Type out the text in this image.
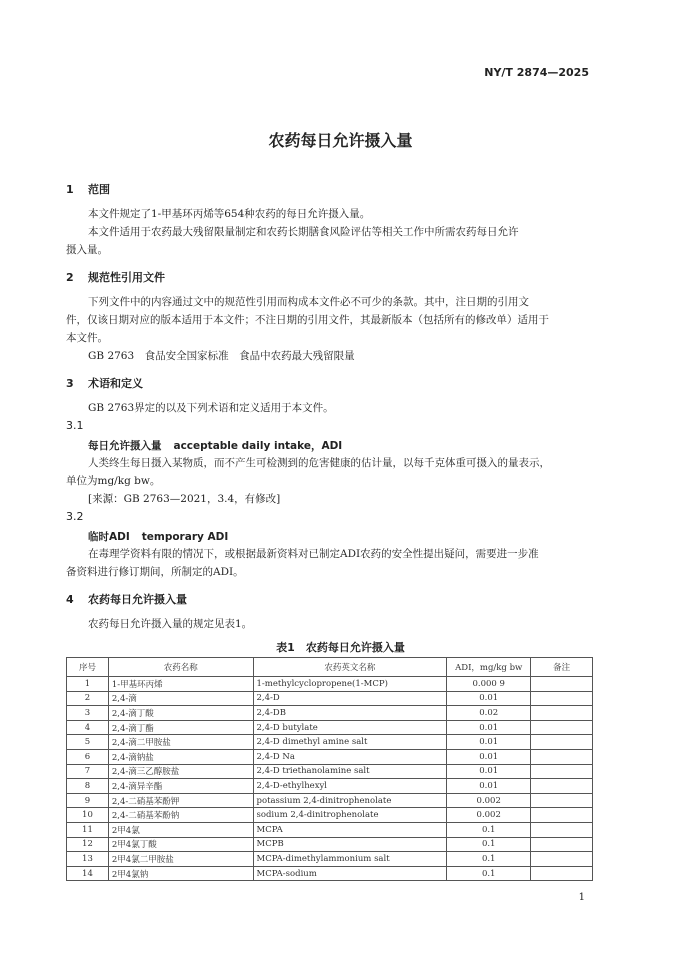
NY/T 2874—2025
农药每日允许摄入量
1 范围
本文件规定了1-甲基环丙烯等654种农药的每日允许摄入量。
本文件适用于农药最大残留限量制定和农药长期膳食风险评估等相关工作中所需农药每日允许
摄入量。
2 规范性引用文件
下列文件中的内容通过文中的规范性引用而构成本文件必不可少的条款。其中，注日期的引用文
件，仅该日期对应的版本适用于本文件；不注日期的引用文件，其最新版本（包括所有的修改单）适用于
本文件。
GB 2763　食品安全国家标准　食品中农药最大残留限量
3 术语和定义
GB 2763界定的以及下列术语和定义适用于本文件。
3.1
每日允许摄入量 acceptable daily intake，ADI
人类终生每日摄入某物质，而不产生可检测到的危害健康的估计量，以每千克体重可摄入的量表示，
单位为mg/kg bw。
[来源：GB 2763—2021，3.4，有修改]
3.2
临时ADI temporary ADI
在毒理学资料有限的情况下，或根据最新资料对已制定ADI农药的安全性提出疑问，需要进一步准
备资料进行修订期间，所制定的ADI。
4 农药每日允许摄入量
农药每日允许摄入量的规定见表1。
表1　农药每日允许摄入量
序号	农药名称	农药英文名称	ADI，mg/kg bw	备注
1	1-甲基环丙烯	1-methylcyclopropene(1-MCP)	0.000 9	
2	2,4-滴	2,4-D	0.01	
3	2,4-滴丁酸	2,4-DB	0.02	
4	2,4-滴丁酯	2,4-D butylate	0.01	
5	2,4-滴二甲胺盐	2,4-D dimethyl amine salt	0.01	
6	2,4-滴钠盐	2,4-D Na	0.01	
7	2,4-滴三乙醇胺盐	2,4-D triethanolamine salt	0.01	
8	2,4-滴异辛酯	2,4-D-ethylhexyl	0.01	
9	2,4-二硝基苯酚钾	potassium 2,4-dinitrophenolate	0.002	
10	2,4-二硝基苯酚钠	sodium 2,4-dinitrophenolate	0.002	
11	2甲4氯	MCPA	0.1	
12	2甲4氯丁酸	MCPB	0.1	
13	2甲4氯二甲胺盐	MCPA-dimethylammonium salt	0.1	
14	2甲4氯钠	MCPA-sodium	0.1	
1
